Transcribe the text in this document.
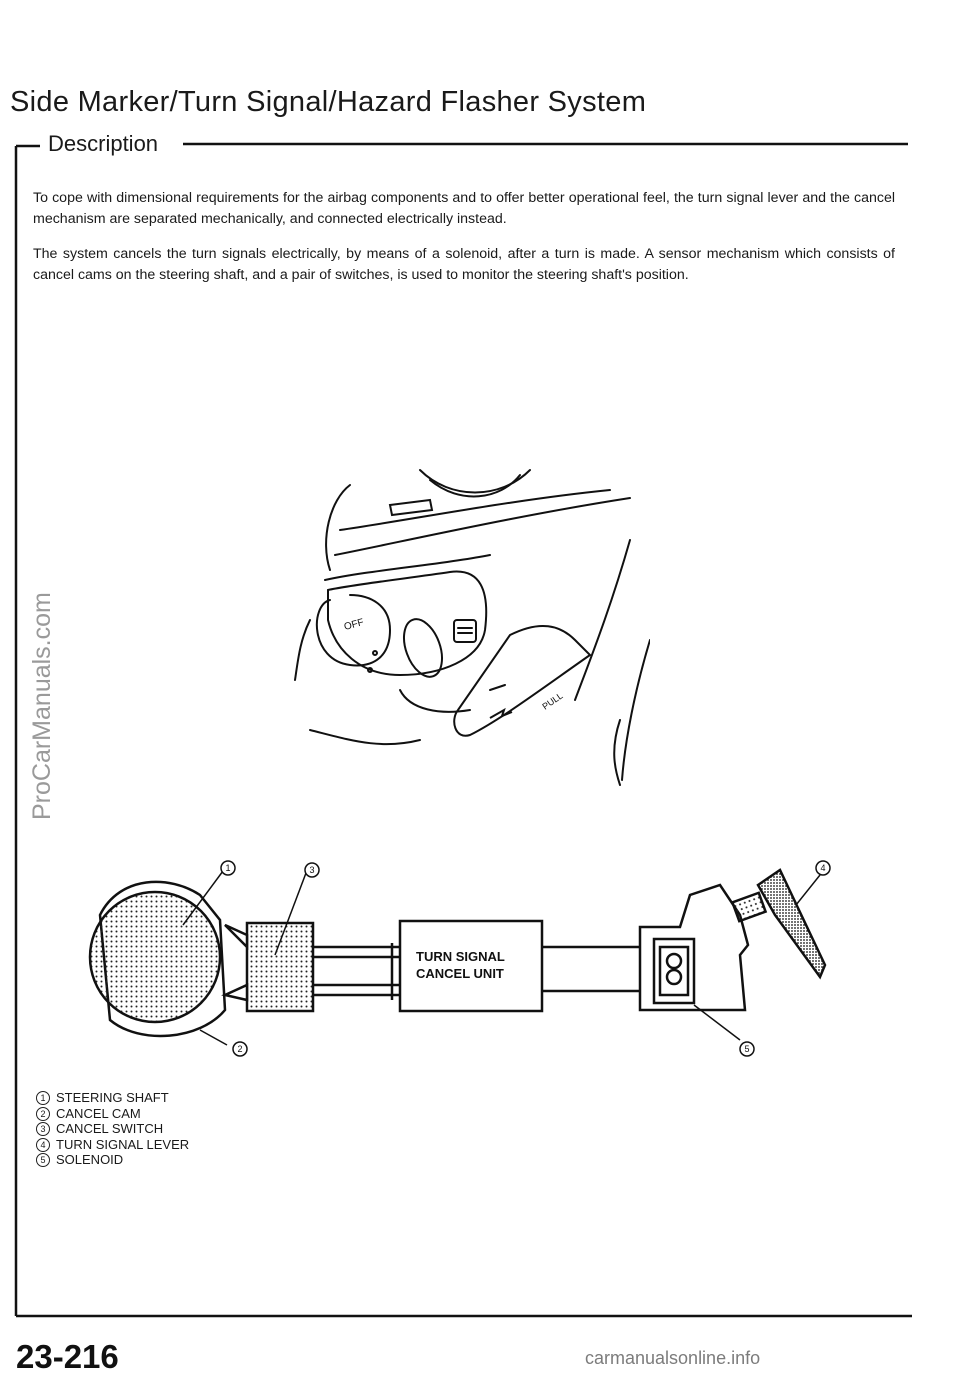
Side Marker/Turn Signal/Hazard Flasher System
Description
To cope with dimensional requirements for the airbag components and to offer better operational feel, the turn signal lever and the cancel mechanism are separated mechanically, and connected electrically instead.
The system cancels the turn signals electrically, by means of a solenoid, after a turn is made. A sensor mechanism which consists of cancel cams on the steering shaft, and a pair of switches, is used to monitor the steering shaft's position.
OFF
PULL
1	3	4
2	5
TURN SIGNAL
CANCEL UNIT
1 STEERING SHAFT
2 CANCEL CAM
3 CANCEL SWITCH
4 TURN SIGNAL LEVER
5 SOLENOID
ProCarManuals.com
23-216	carmanualsonline.info
